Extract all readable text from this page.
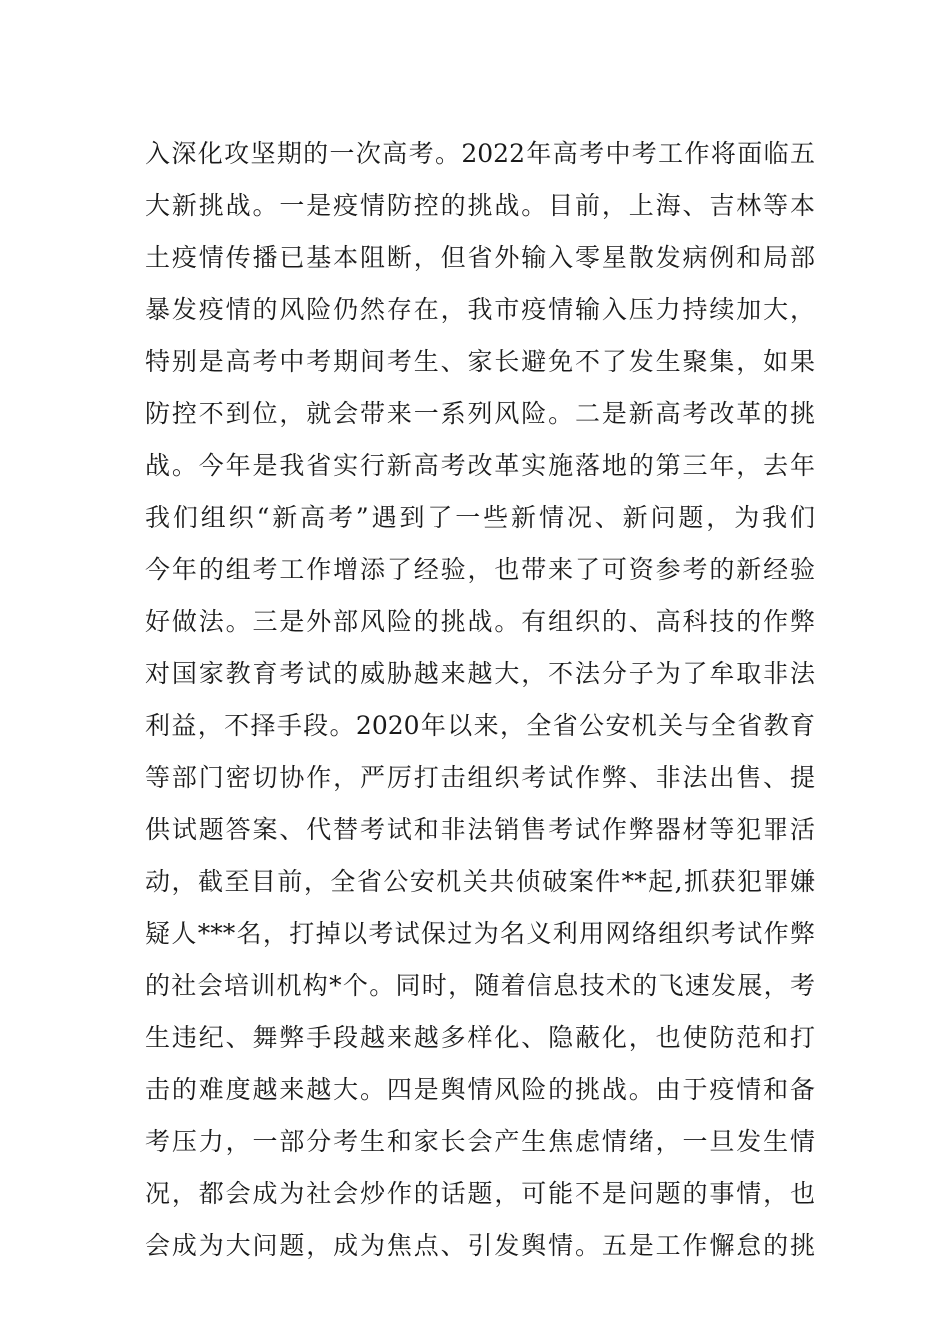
入深化攻坚期的一次高考。2022年高考中考工作将面临五
大新挑战。一是疫情防控的挑战。目前，上海、吉林等本
土疫情传播已基本阻断，但省外输入零星散发病例和局部
暴发疫情的风险仍然存在，我市疫情输入压力持续加大，
特别是高考中考期间考生、家长避免不了发生聚集，如果
防控不到位，就会带来一系列风险。二是新高考改革的挑
战。今年是我省实行新高考改革实施落地的第三年，去年
我们组织“新高考”遇到了一些新情况、新问题，为我们
今年的组考工作增添了经验，也带来了可资参考的新经验
好做法。三是外部风险的挑战。有组织的、高科技的作弊
对国家教育考试的威胁越来越大，不法分子为了牟取非法
利益，不择手段。2020年以来，全省公安机关与全省教育
等部门密切协作，严厉打击组织考试作弊、非法出售、提
供试题答案、代替考试和非法销售考试作弊器材等犯罪活
动，截至目前，全省公安机关共侦破案件**起,抓获犯罪嫌
疑人***名，打掉以考试保过为名义利用网络组织考试作弊
的社会培训机构*个。同时，随着信息技术的飞速发展，考
生违纪、舞弊手段越来越多样化、隐蔽化，也使防范和打
击的难度越来越大。四是舆情风险的挑战。由于疫情和备
考压力，一部分考生和家长会产生焦虑情绪，一旦发生情
况，都会成为社会炒作的话题，可能不是问题的事情，也
会成为大问题，成为焦点、引发舆情。五是工作懈怠的挑
